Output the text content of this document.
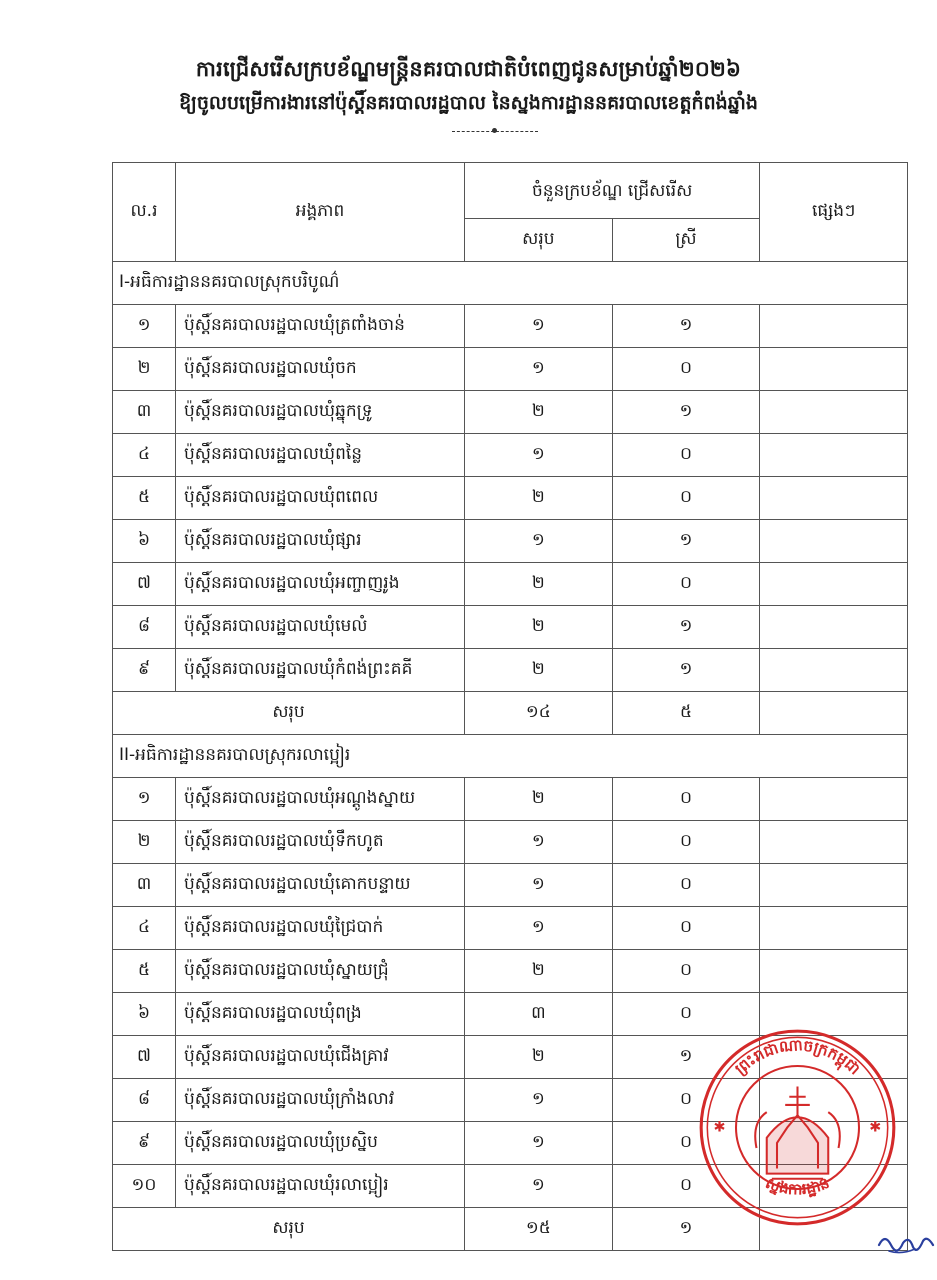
ការជ្រើសរើសក្របខ័ណ្ឌមន្ត្រីនគរបាលជាតិបំពេញជូនសម្រាប់ឆ្នាំ២០២៦
ឱ្យចូលបម្រើការងារនៅប៉ុស្តិ៍នគរបាលរដ្ឋបាល នៃស្នងការដ្ឋាននគរបាលខេត្តកំពង់ឆ្នាំង
ល.រ	អង្គភាព	ចំនួនក្របខ័ណ្ឌ ជ្រើសរើស		ផ្សេងៗ
		សរុប	ស្រី	
I-អធិការដ្ឋាននគរបាលស្រុកបរិបូណ៌				
១	ប៉ុស្តិ៍នគរបាលរដ្ឋបាលឃុំត្រពាំងចាន់	១	១	
២	ប៉ុស្តិ៍នគរបាលរដ្ឋបាលឃុំចក	១	០	
៣	ប៉ុស្តិ៍នគរបាលរដ្ឋបាលឃុំឆ្នុកទ្រូ	២	១	
៤	ប៉ុស្តិ៍នគរបាលរដ្ឋបាលឃុំពន្លៃ	១	០	
៥	ប៉ុស្តិ៍នគរបាលរដ្ឋបាលឃុំពពេល	២	០	
៦	ប៉ុស្តិ៍នគរបាលរដ្ឋបាលឃុំផ្សារ	១	១	
៧	ប៉ុស្តិ៍នគរបាលរដ្ឋបាលឃុំអញ្ចាញរូង	២	០	
៨	ប៉ុស្តិ៍នគរបាលរដ្ឋបាលឃុំមេលំ	២	១	
៩	ប៉ុស្តិ៍នគរបាលរដ្ឋបាលឃុំកំពង់ព្រះគគី	២	១	
សរុប		១៤	៥	
II-អធិការដ្ឋាននគរបាលស្រុករលាប្អៀរ				
១	ប៉ុស្តិ៍នគរបាលរដ្ឋបាលឃុំអណ្ដូងស្នាយ	២	០	
២	ប៉ុស្តិ៍នគរបាលរដ្ឋបាលឃុំទឹកហូត	១	០	
៣	ប៉ុស្តិ៍នគរបាលរដ្ឋបាលឃុំគោកបន្ទាយ	១	០	
៤	ប៉ុស្តិ៍នគរបាលរដ្ឋបាលឃុំជ្រៃបាក់	១	០	
៥	ប៉ុស្តិ៍នគរបាលរដ្ឋបាលឃុំស្នាយជ្រុំ	២	០	
៦	ប៉ុស្តិ៍នគរបាលរដ្ឋបាលឃុំពង្រ	៣	០	
៧	ប៉ុស្តិ៍នគរបាលរដ្ឋបាលឃុំជើងគ្រាវ	២	១	
៨	ប៉ុស្តិ៍នគរបាលរដ្ឋបាលឃុំក្រាំងលាវ	១	០	
៩	ប៉ុស្តិ៍នគរបាលរដ្ឋបាលឃុំប្រស្និប	១	០	
១០	ប៉ុស្តិ៍នគរបាលរដ្ឋបាលឃុំរលាប្អៀរ	១	០	
សរុប		១៥	១	
ព្រះរាជាណាចក្រកម្ពុជា
ស្នងការដ្ឋាន
✱	✱
